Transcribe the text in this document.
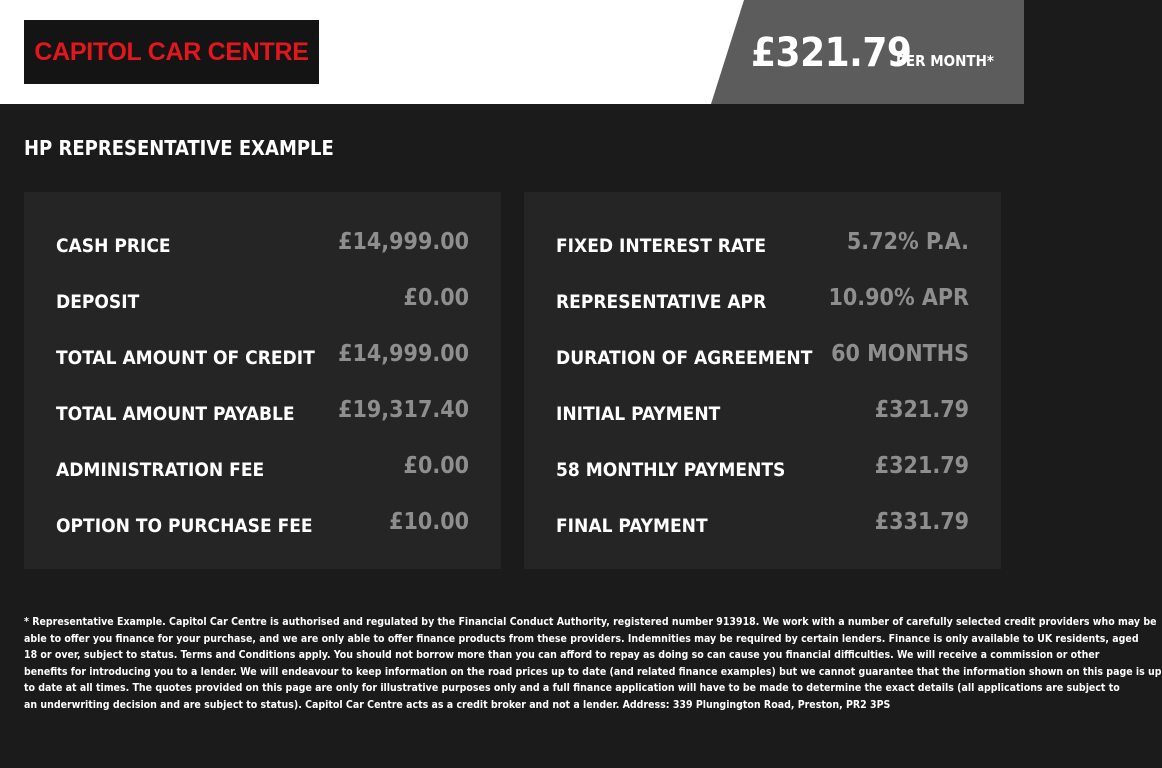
CAPITOL CAR CENTRE	£321.79
PER MONTH*
HP REPRESENTATIVE EXAMPLE
CASH PRICE	£14,999.00
DEPOSIT	£0.00
TOTAL AMOUNT OF CREDIT £14,999.00
TOTAL AMOUNT PAYABLE £19,317.40
ADMINISTRATION FEE	£0.00
OPTION TO PURCHASE FEE	£10.00
FIXED INTEREST RATE	5.72% P.A.
REPRESENTATIVE APR	10.90% APR
DURATION OF AGREEMENT 60 MONTHS
INITIAL PAYMENT	£321.79
58 MONTHLY PAYMENTS	£321.79
FINAL PAYMENT	£331.79
* Representative Example. Capitol Car Centre is authorised and regulated by the Financial Conduct Authority, registered number 913918. We work with a number of carefully selected credit providers who may be
able to offer you finance for your purchase, and we are only able to offer finance products from these providers. Indemnities may be required by certain lenders. Finance is only available to UK residents, aged
18 or over, subject to status. Terms and Conditions apply. You should not borrow more than you can afford to repay as doing so can cause you financial difficulties. We will receive a commission or other
benefits for introducing you to a lender. We will endeavour to keep information on the road prices up to date (and related finance examples) but we cannot guarantee that the information shown on this page is up
to date at all times. The quotes provided on this page are only for illustrative purposes only and a full finance application will have to be made to determine the exact details (all applications are subject to
an underwriting decision and are subject to status). Capitol Car Centre acts as a credit broker and not a lender. Address: 339 Plungington Road, Preston, PR2 3PS
